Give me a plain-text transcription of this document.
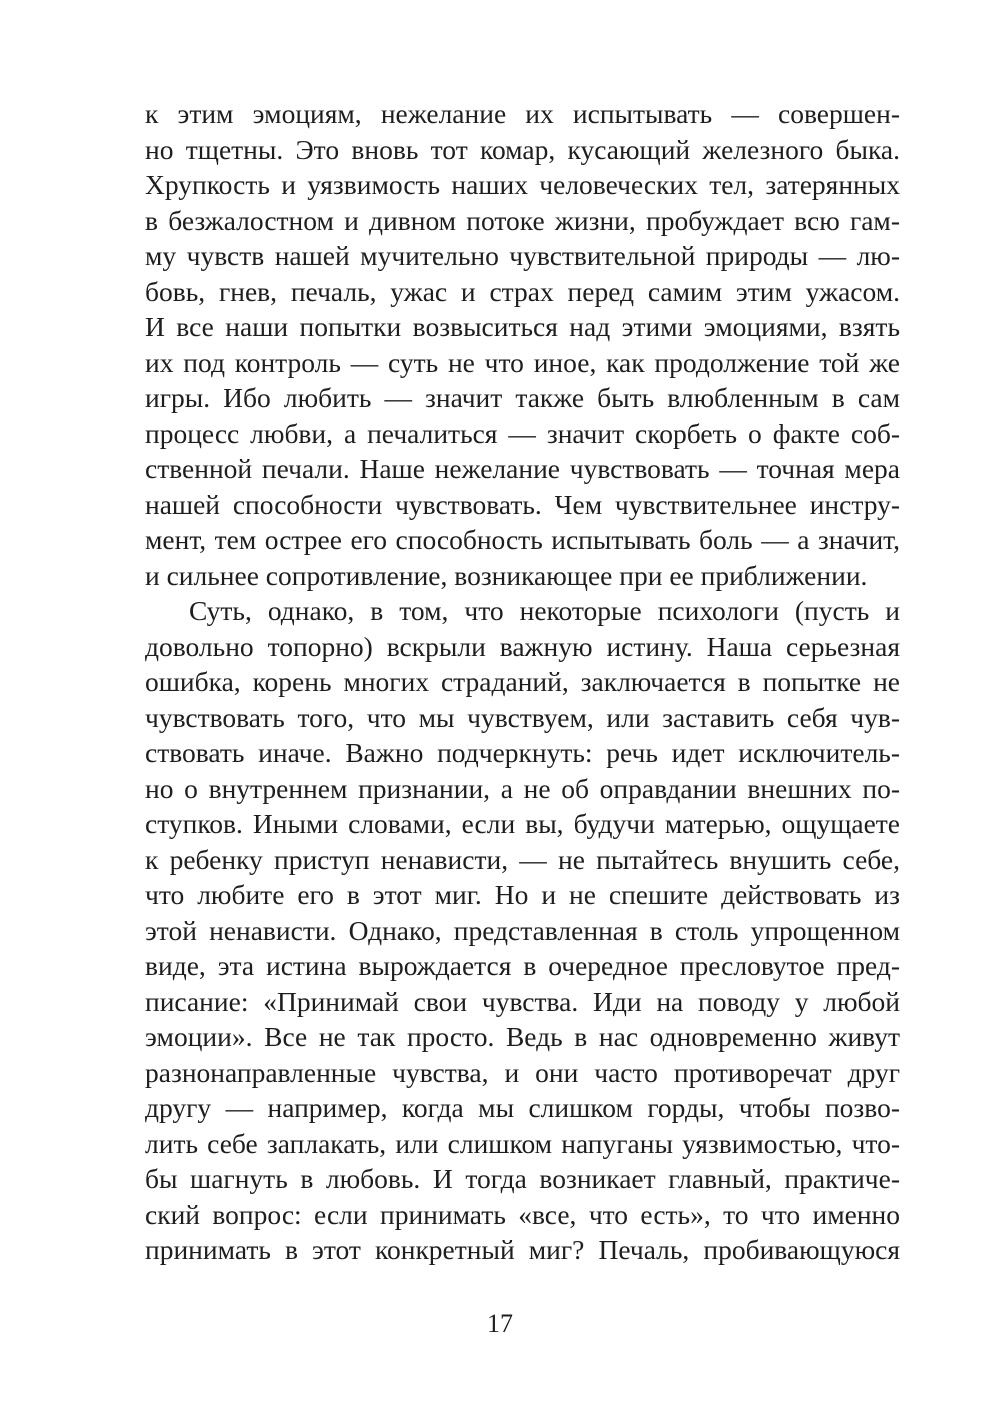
к этим эмоциям, нежелание их испытывать — совершен-
но тщетны. Это вновь тот комар, кусающий железного быка.
Хрупкость и уязвимость наших человеческих тел, затерянных
в безжалостном и дивном потоке жизни, пробуждает всю гам-
му чувств нашей мучительно чувствительной природы — лю-
бовь, гнев, печаль, ужас и страх перед самим этим ужасом.
И все наши попытки возвыситься над этими эмоциями, взять
их под контроль — суть не что иное, как продолжение той же
игры. Ибо любить — значит также быть влюбленным в сам
процесс любви, а печалиться — значит скорбеть о факте соб-
ственной печали. Наше нежелание чувствовать — точная мера
нашей способности чувствовать. Чем чувствительнее инстру-
мент, тем острее его способность испытывать боль — а значит,
и сильнее сопротивление, возникающее при ее приближении.
Суть, однако, в том, что некоторые психологи (пусть и
довольно топорно) вскрыли важную истину. Наша серьезная
ошибка, корень многих страданий, заключается в попытке не
чувствовать того, что мы чувствуем, или заставить себя чув-
ствовать иначе. Важно подчеркнуть: речь идет исключитель-
но о внутреннем признании, а не об оправдании внешних по-
ступков. Иными словами, если вы, будучи матерью, ощущаете
к ребенку приступ ненависти, — не пытайтесь внушить себе,
что любите его в этот миг. Но и не спешите действовать из
этой ненависти. Однако, представленная в столь упрощенном
виде, эта истина вырождается в очередное пресловутое пред-
писание: «Принимай свои чувства. Иди на поводу у любой
эмоции». Все не так просто. Ведь в нас одновременно живут
разнонаправленные чувства, и они часто противоречат друг
другу — например, когда мы слишком горды, чтобы позво-
лить себе заплакать, или слишком напуганы уязвимостью, что-
бы шагнуть в любовь. И тогда возникает главный, практиче-
ский вопрос: если принимать «все, что есть», то что именно
принимать в этот конкретный миг? Печаль, пробивающуюся
17
